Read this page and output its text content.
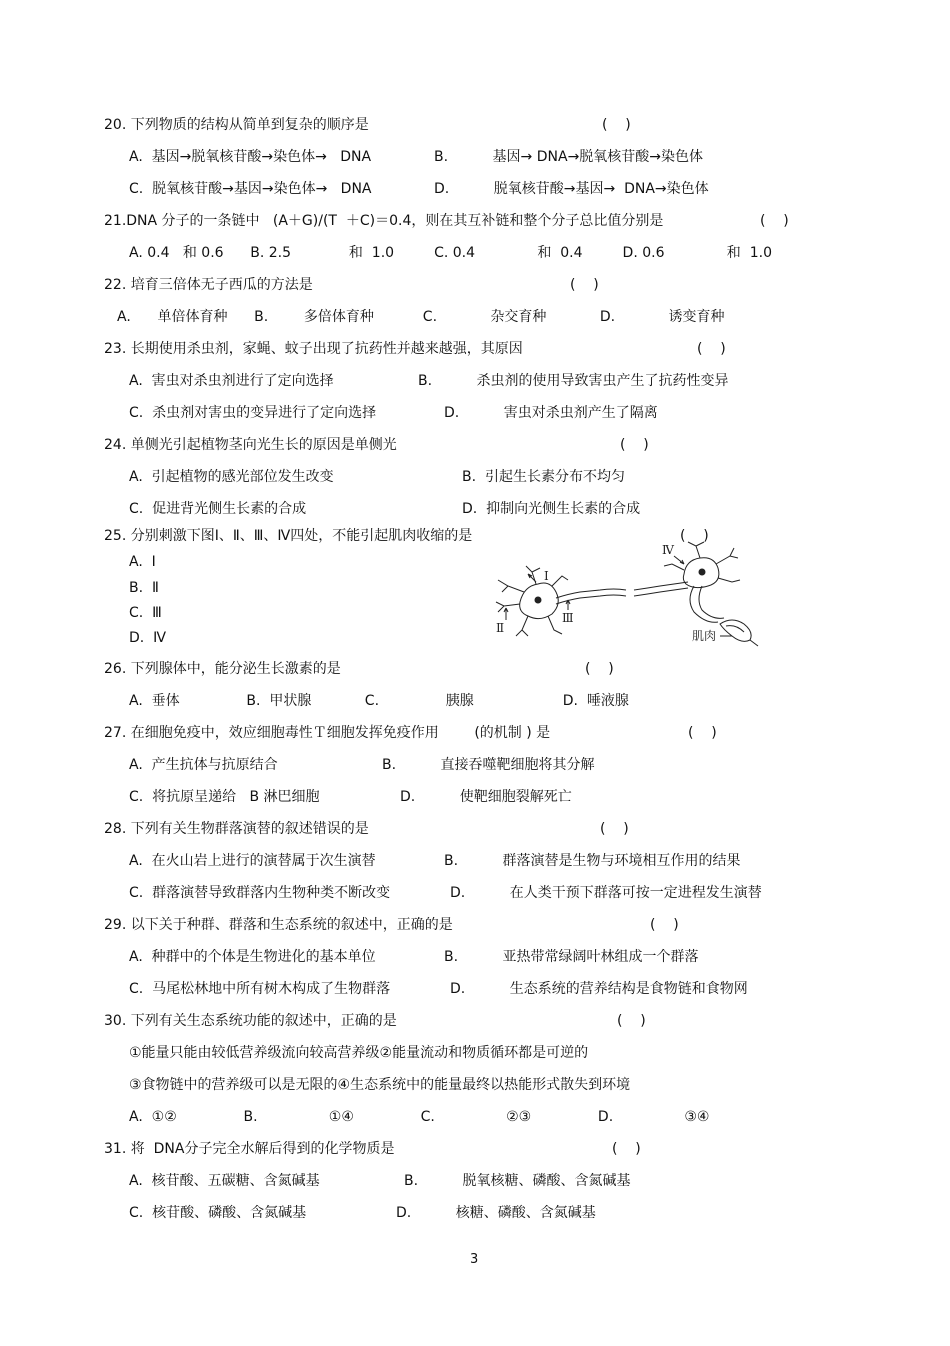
20. 下列物质的结构从简单到复杂的顺序是	(    )
A.  基因→脱氧核苷酸→染色体→   DNA	B.          基因→ DNA→脱氧核苷酸→染色体
C.  脱氧核苷酸→基因→染色体→   DNA	D.          脱氧核苷酸→基因→  DNA→染色体
21.DNA 分子的一条链中   (A＋G)/(T  ＋C)＝0.4，则在其互补链和整个分子总比值分别是	(    )
A. 0.4   和 0.6      B. 2.5             和  1.0         C. 0.4              和  0.4         D. 0.6              和  1.0
22. 培育三倍体无子西瓜的方法是	(    )
A.      单倍体育种      B.        多倍体育种           C.            杂交育种            D.            诱变育种
23. 长期使用杀虫剂，家蝇、蚊子出现了抗药性并越来越强，其原因	(    )
A.  害虫对杀虫剂进行了定向选择	B.          杀虫剂的使用导致害虫产生了抗药性变异
C.  杀虫剂对害虫的变异进行了定向选择	D.          害虫对杀虫剂产生了隔离
24. 单侧光引起植物茎向光生长的原因是单侧光	(    )
A.  引起植物的感光部位发生改变	B.  引起生长素分布不均匀
C.  促进背光侧生长素的合成	D.  抑制向光侧生长素的合成
25. 分别刺激下图Ⅰ、Ⅱ、Ⅲ、Ⅳ四处，不能引起肌肉收缩的是	(    )
A.  Ⅰ
B.  Ⅱ
C.  Ⅲ
D.  Ⅳ
Ⅰ
Ⅱ
Ⅲ
Ⅳ
肌肉
26. 下列腺体中，能分泌生长激素的是	(    )
A.  垂体               B.  甲状腺            C.               胰腺                    D.  唾液腺
27. 在细胞免疫中，效应细胞毒性Ｔ细胞发挥免疫作用        (的机制 ) 是	(    )
A.  产生抗体与抗原结合	B.          直接吞噬靶细胞将其分解
C.  将抗原呈递给   B 淋巴细胞	D.          使靶细胞裂解死亡
28. 下列有关生物群落演替的叙述错误的是	(    )
A.  在火山岩上进行的演替属于次生演替	B.          群落演替是生物与环境相互作用的结果
C.  群落演替导致群落内生物种类不断改变	D.          在人类干预下群落可按一定进程发生演替
29. 以下关于种群、群落和生态系统的叙述中，正确的是	(    )
A.  种群中的个体是生物进化的基本单位	B.          亚热带常绿阔叶林组成一个群落
C.  马尾松林地中所有树木构成了生物群落	D.          生态系统的营养结构是食物链和食物网
30. 下列有关生态系统功能的叙述中，正确的是	(    )
①能量只能由较低营养级流向较高营养级②能量流动和物质循环都是可逆的
③食物链中的营养级可以是无限的④生态系统中的能量最终以热能形式散失到环境
A.  ①②               B.                ①④               C.                ②③               D.                ③④
31. 将  DNA分子完全水解后得到的化学物质是	(    )
A.  核苷酸、五碳糖、含氮碱基	B.          脱氧核糖、磷酸、含氮碱基
C.  核苷酸、磷酸、含氮碱基	D.          核糖、磷酸、含氮碱基
3
